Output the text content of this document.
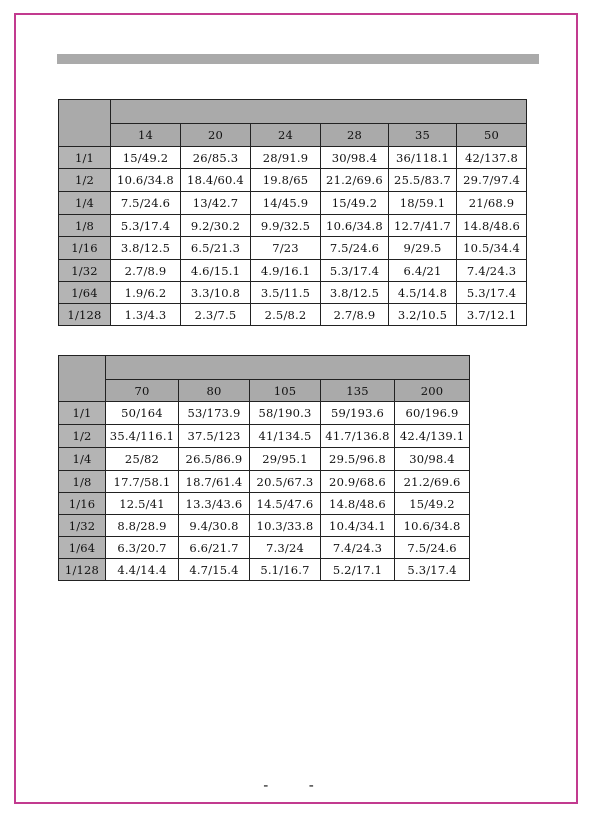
	14	20	24	28	35	50
1/1	15/49.2	26/85.3	28/91.9	30/98.4	36/118.1	42/137.8
1/2	10.6/34.8	18.4/60.4	19.8/65	21.2/69.6	25.5/83.7	29.7/97.4
1/4	7.5/24.6	13/42.7	14/45.9	15/49.2	18/59.1	21/68.9
1/8	5.3/17.4	9.2/30.2	9.9/32.5	10.6/34.8	12.7/41.7	14.8/48.6
1/16	3.8/12.5	6.5/21.3	7/23	7.5/24.6	9/29.5	10.5/34.4
1/32	2.7/8.9	4.6/15.1	4.9/16.1	5.3/17.4	6.4/21	7.4/24.3
1/64	1.9/6.2	3.3/10.8	3.5/11.5	3.8/12.5	4.5/14.8	5.3/17.4
1/128	1.3/4.3	2.3/7.5	2.5/8.2	2.7/8.9	3.2/10.5	3.7/12.1

	70	80	105	135	200
1/1	50/164	53/173.9	58/190.3	59/193.6	60/196.9
1/2	35.4/116.1	37.5/123	41/134.5	41.7/136.8	42.4/139.1
1/4	25/82	26.5/86.9	29/95.1	29.5/96.8	30/98.4
1/8	17.7/58.1	18.7/61.4	20.5/67.3	20.9/68.6	21.2/69.6
1/16	12.5/41	13.3/43.6	14.5/47.6	14.8/48.6	15/49.2
1/32	8.8/28.9	9.4/30.8	10.3/33.8	10.4/34.1	10.6/34.8
1/64	6.3/20.7	6.6/21.7	7.3/24	7.4/24.3	7.5/24.6
1/128	4.4/14.4	4.7/15.4	5.1/16.7	5.2/17.1	5.3/17.4
- -
